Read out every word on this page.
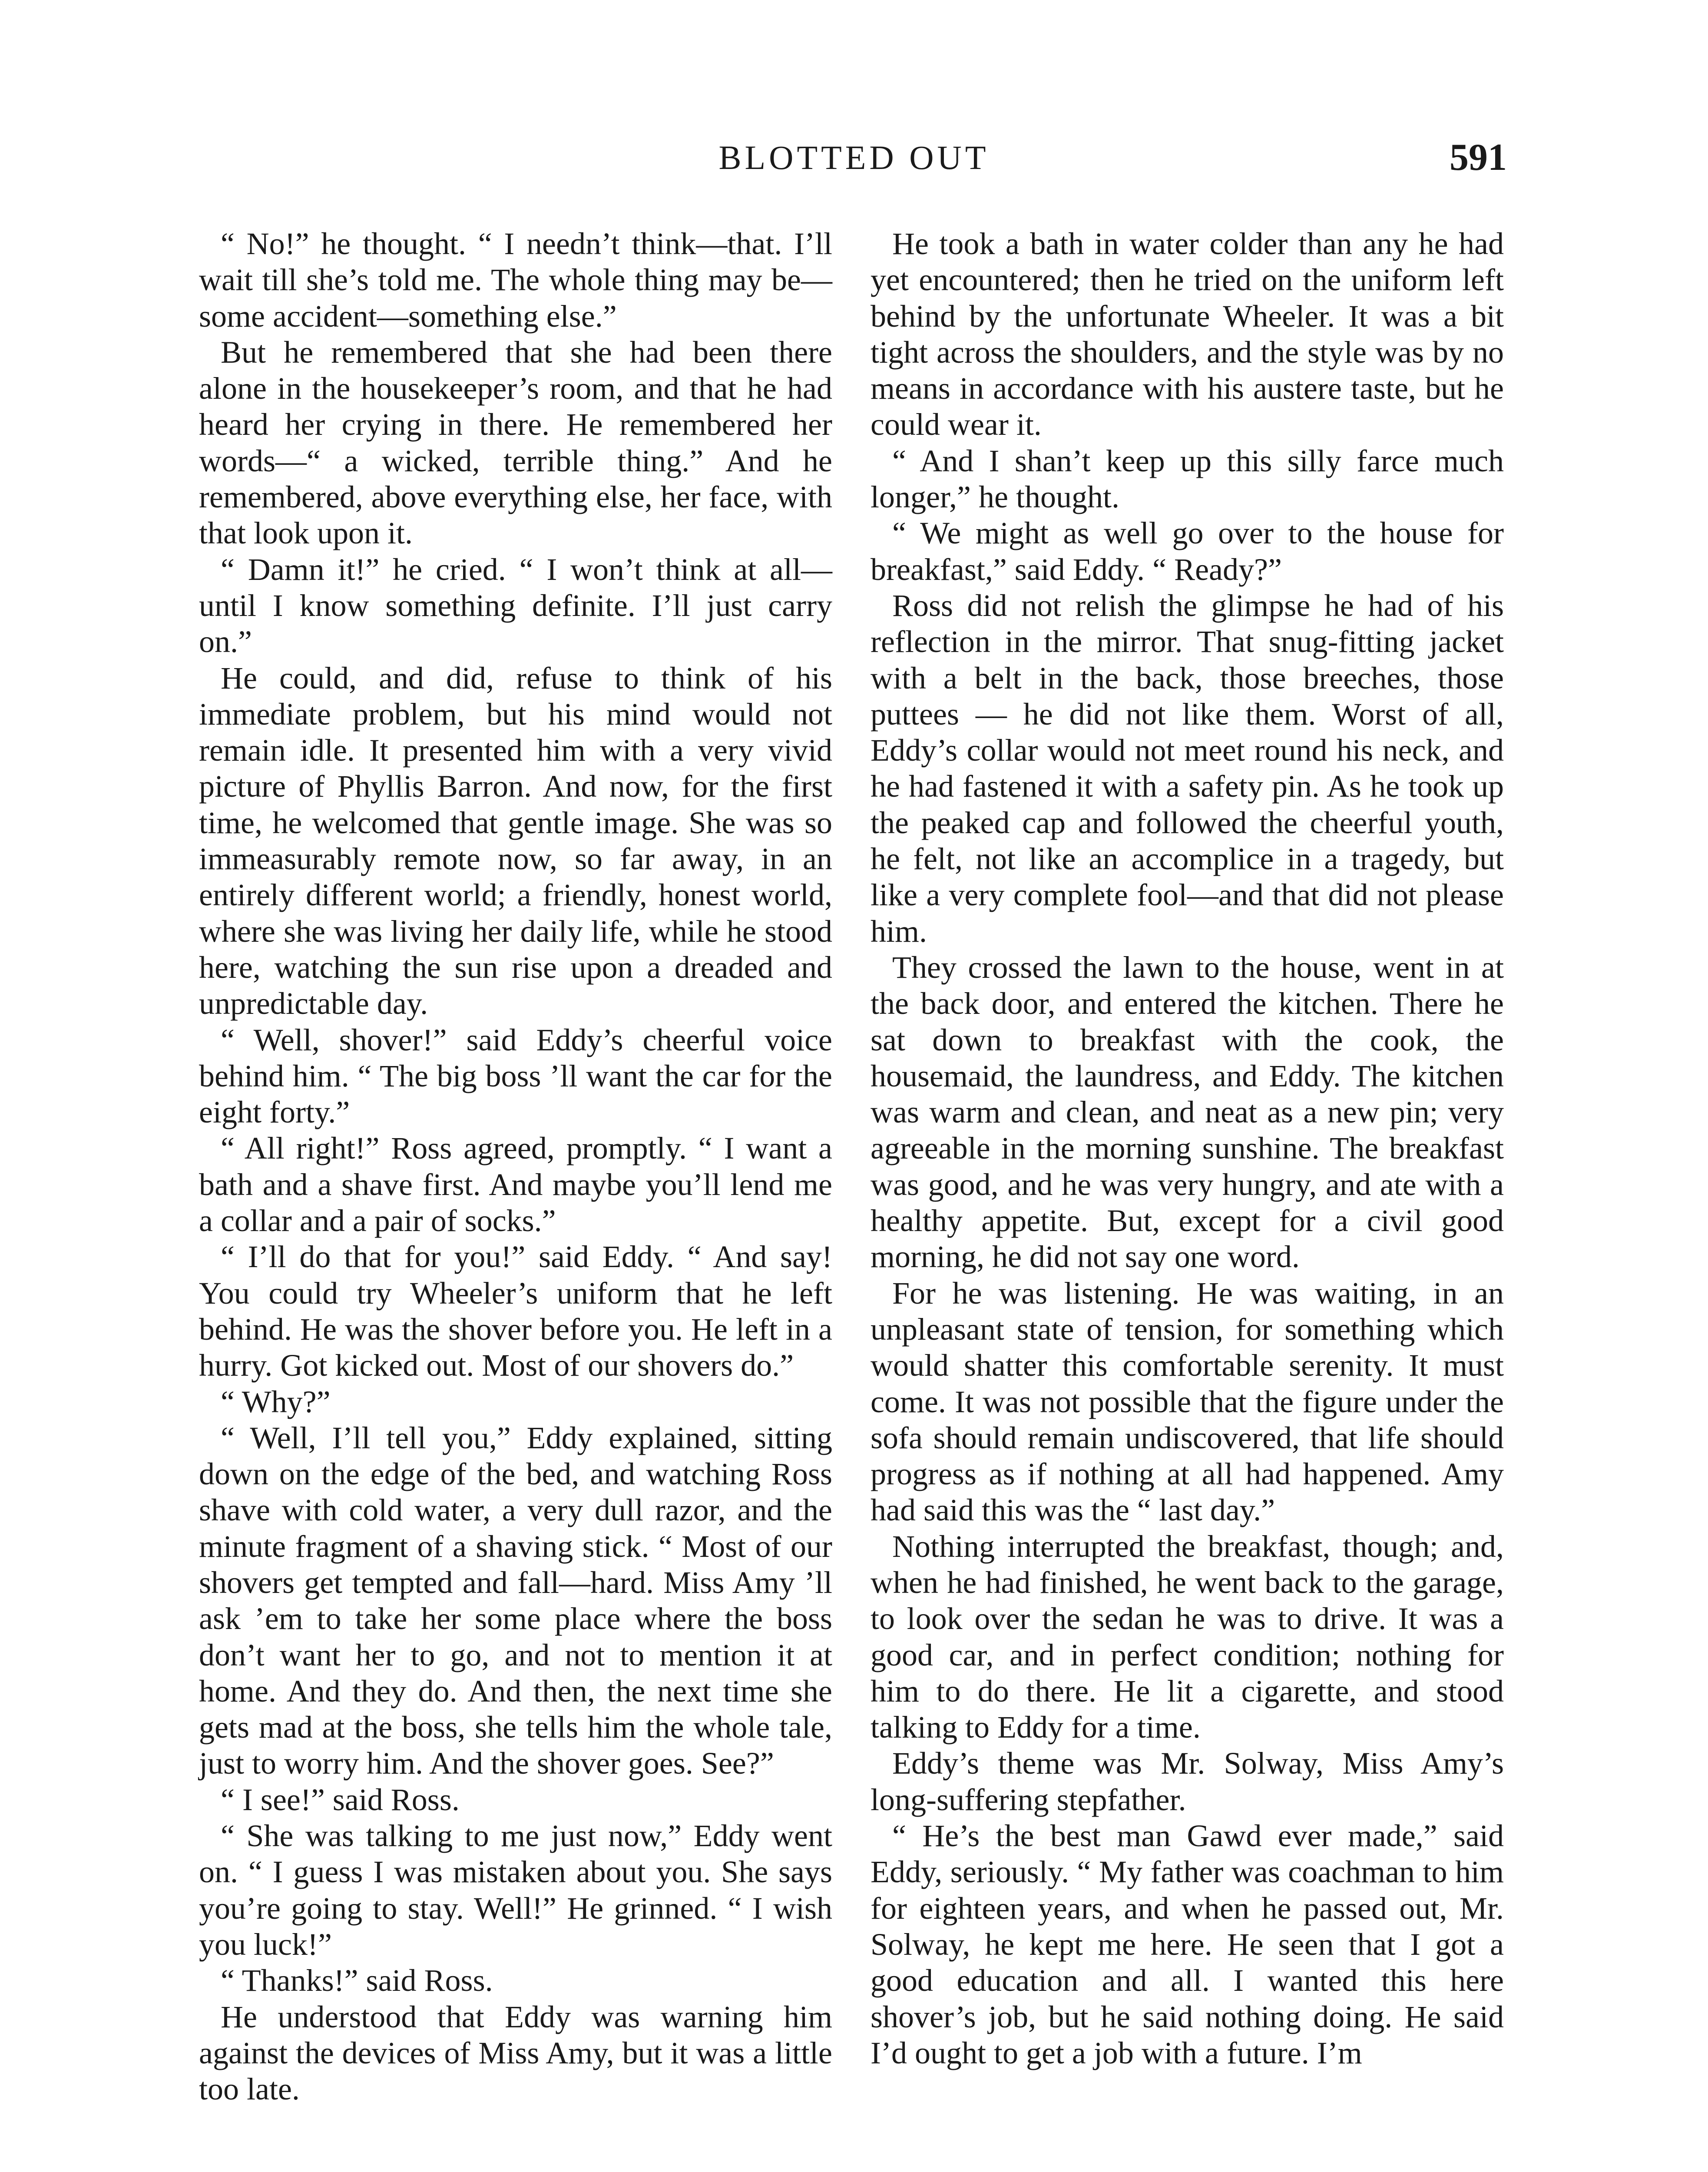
BLOTTED OUT	591

“ No!” he thought. “ I needn’t think—that. I’ll wait till she’s told me. The whole thing may be—some accident—something else.”

But he remembered that she had been there alone in the housekeeper’s room, and that he had heard her crying in there. He remembered her words—“ a wicked, terrible thing.” And he remembered, above everything else, her face, with that look upon it.

“ Damn it!” he cried. “ I won’t think at all—until I know something definite. I’ll just carry on.”

He could, and did, refuse to think of his immediate problem, but his mind would not remain idle. It presented him with a very vivid picture of Phyllis Barron. And now, for the first time, he welcomed that gentle image. She was so immeasurably remote now, so far away, in an entirely different world; a friendly, honest world, where she was living her daily life, while he stood here, watching the sun rise upon a dreaded and unpredictable day.

“ Well, shover!” said Eddy’s cheerful voice behind him. “ The big boss ’ll want the car for the eight forty.”

“ All right!” Ross agreed, promptly. “ I want a bath and a shave first. And maybe you’ll lend me a collar and a pair of socks.”

“ I’ll do that for you!” said Eddy. “ And say! You could try Wheeler’s uniform that he left behind. He was the shover before you. He left in a hurry. Got kicked out. Most of our shovers do.”

“ Why?”

“ Well, I’ll tell you,” Eddy explained, sitting down on the edge of the bed, and watching Ross shave with cold water, a very dull razor, and the minute fragment of a shaving stick. “ Most of our shovers get tempted and fall—hard. Miss Amy ’ll ask ’em to take her some place where the boss don’t want her to go, and not to mention it at home. And they do. And then, the next time she gets mad at the boss, she tells him the whole tale, just to worry him. And the shover goes. See?”

“ I see!” said Ross.

“ She was talking to me just now,” Eddy went on. “ I guess I was mistaken about you. She says you’re going to stay. Well!” He grinned. “ I wish you luck!”

“ Thanks!” said Ross.

He understood that Eddy was warning him against the devices of Miss Amy, but it was a little too late.

He took a bath in water colder than any he had yet encountered; then he tried on the uniform left behind by the unfortunate Wheeler. It was a bit tight across the shoulders, and the style was by no means in accordance with his austere taste, but he could wear it.

“ And I shan’t keep up this silly farce much longer,” he thought.

“ We might as well go over to the house for breakfast,” said Eddy. “ Ready?”

Ross did not relish the glimpse he had of his reflection in the mirror. That snug-fitting jacket with a belt in the back, those breeches, those puttees — he did not like them. Worst of all, Eddy’s collar would not meet round his neck, and he had fastened it with a safety pin. As he took up the peaked cap and followed the cheerful youth, he felt, not like an accomplice in a tragedy, but like a very complete fool—and that did not please him.

They crossed the lawn to the house, went in at the back door, and entered the kitchen. There he sat down to breakfast with the cook, the housemaid, the laundress, and Eddy. The kitchen was warm and clean, and neat as a new pin; very agreeable in the morning sunshine. The breakfast was good, and he was very hungry, and ate with a healthy appetite. But, except for a civil good morning, he did not say one word.

For he was listening. He was waiting, in an unpleasant state of tension, for something which would shatter this comfortable serenity. It must come. It was not possible that the figure under the sofa should remain undiscovered, that life should progress as if nothing at all had happened. Amy had said this was the “ last day.”

Nothing interrupted the breakfast, though; and, when he had finished, he went back to the garage, to look over the sedan he was to drive. It was a good car, and in perfect condition; nothing for him to do there. He lit a cigarette, and stood talking to Eddy for a time.

Eddy’s theme was Mr. Solway, Miss Amy’s long-suffering stepfather.

“ He’s the best man Gawd ever made,” said Eddy, seriously. “ My father was coachman to him for eighteen years, and when he passed out, Mr. Solway, he kept me here. He seen that I got a good education and all. I wanted this here shover’s job, but he said nothing doing. He said I’d ought to get a job with a future. I’m
